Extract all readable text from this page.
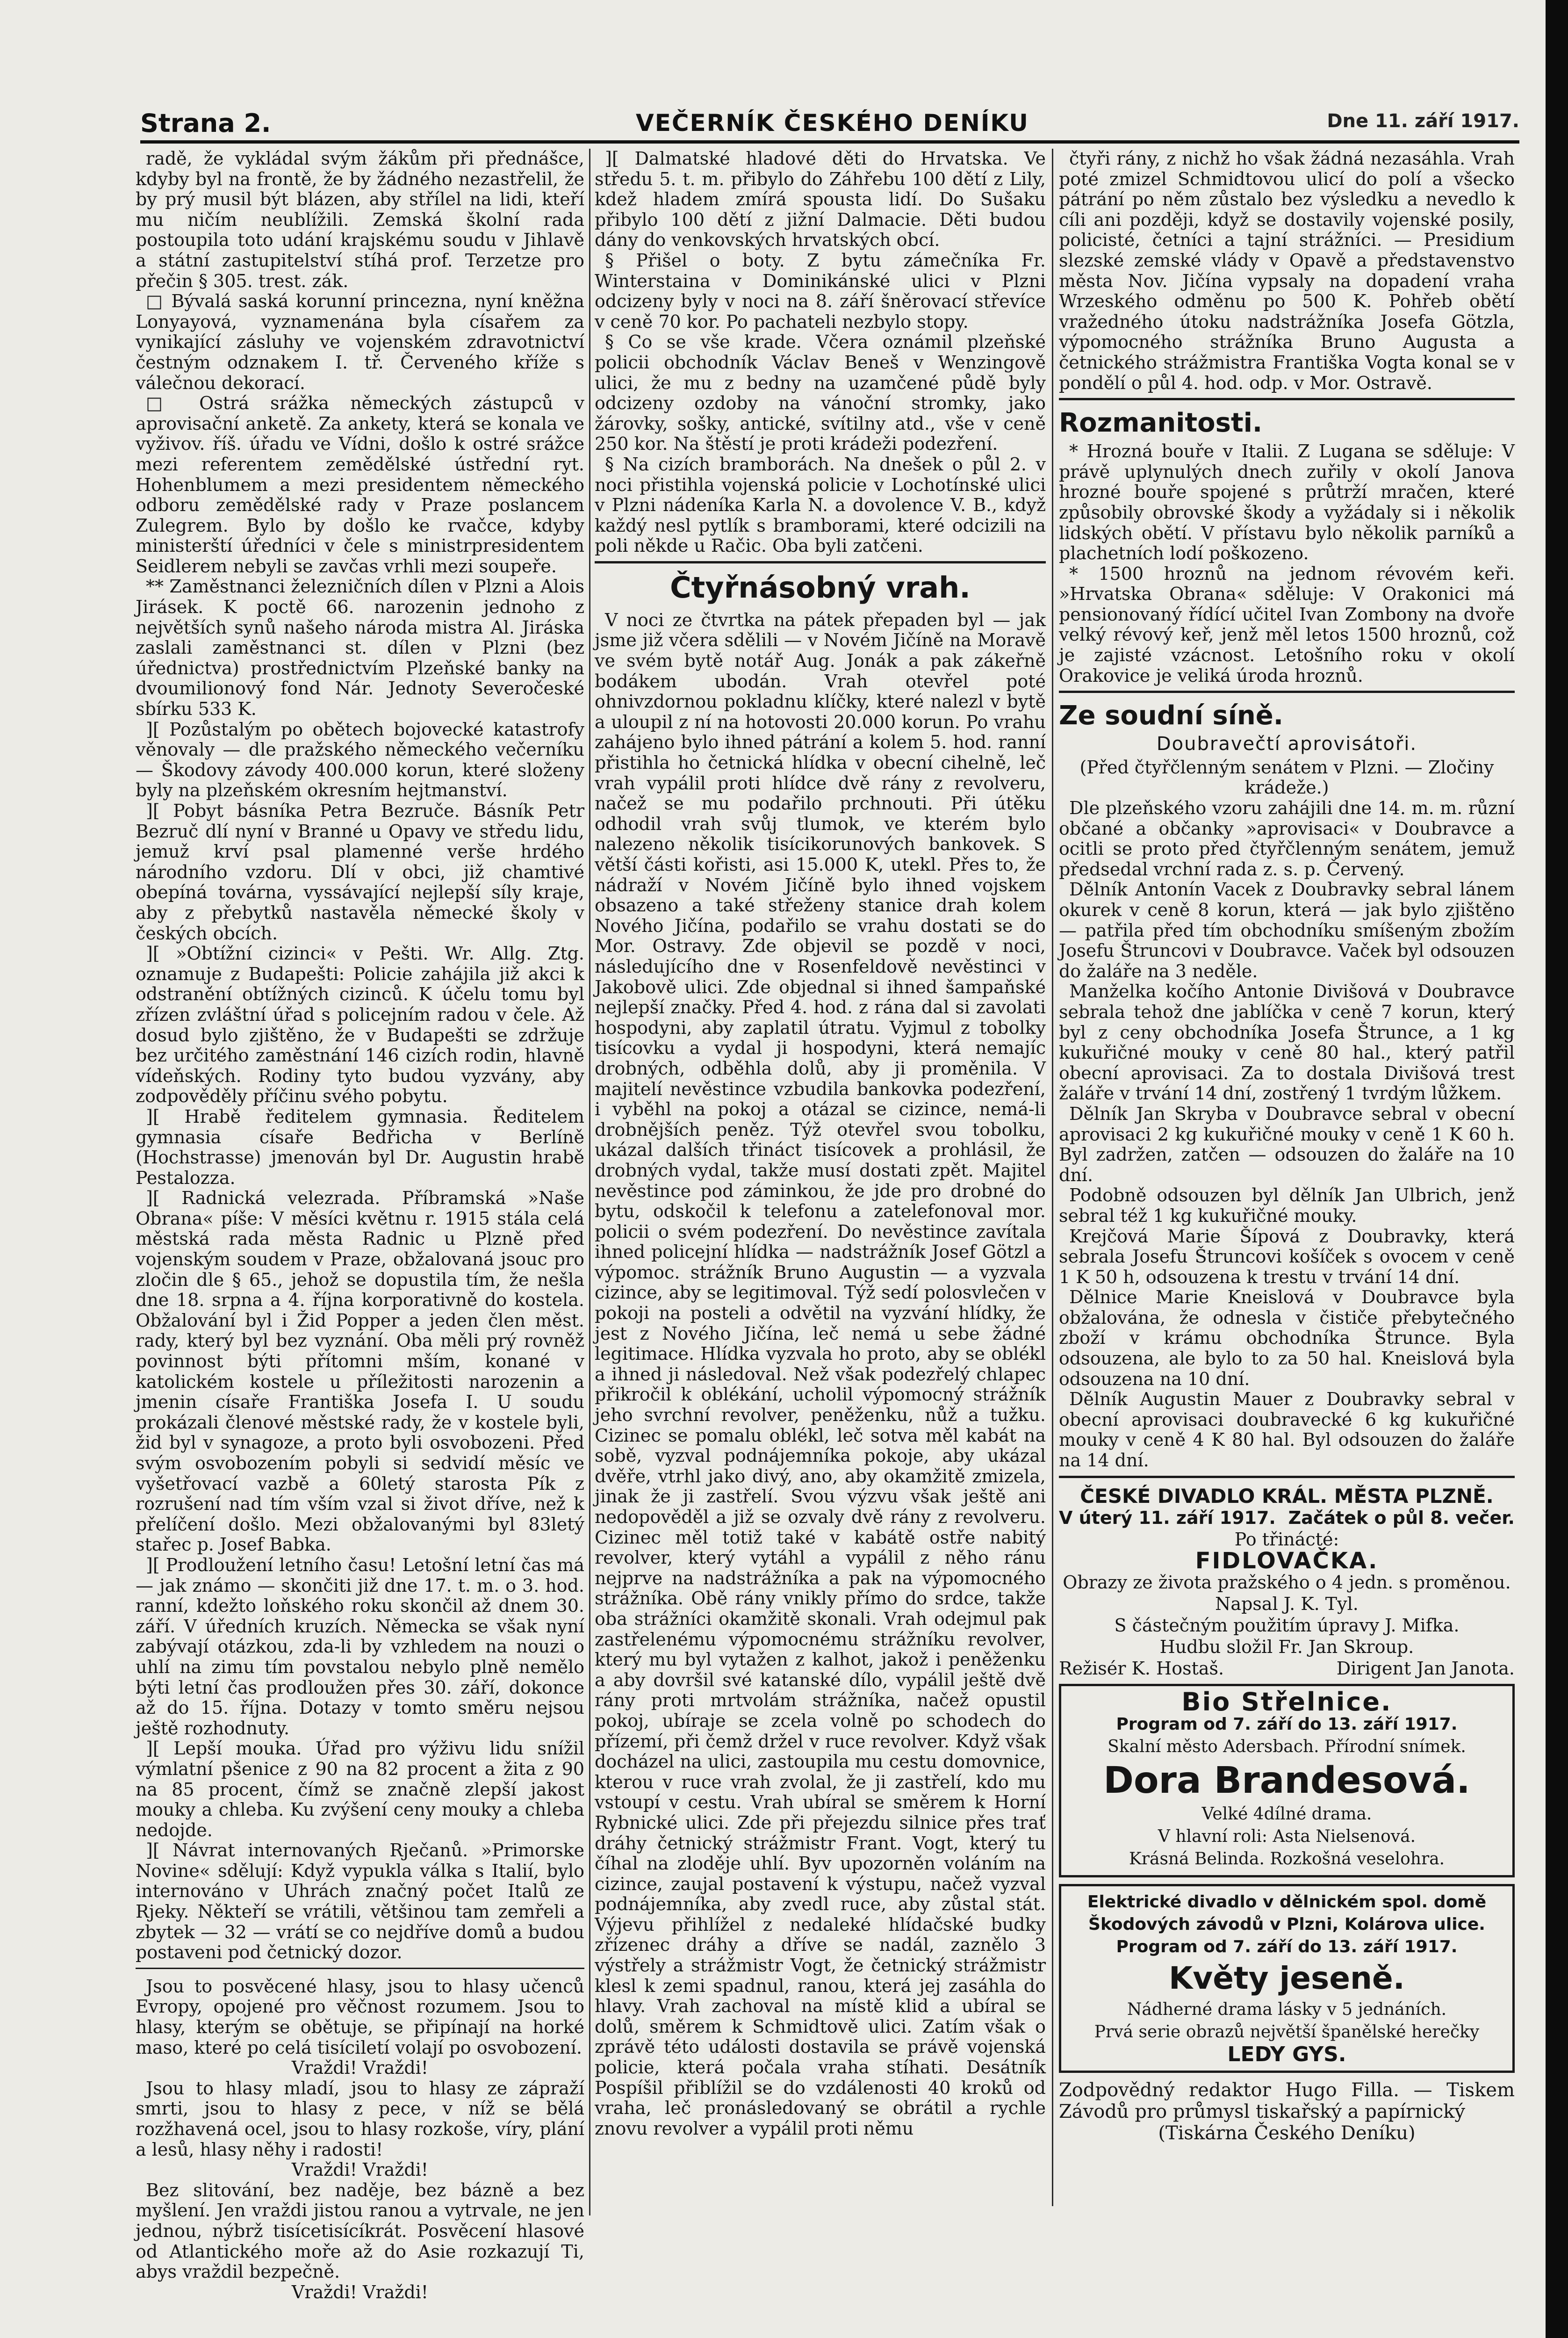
Strana 2.	VEČERNÍK ČESKÉHO DENÍKU	Dne 11. září 1917.

radě, že vykládal svým žákům při přednášce, kdyby byl na frontě, že by žádného nezastřelil, že by prý musil být blázen, aby střílel na lidi, kteří mu ničím neublížili. Zemská školní rada postoupila toto udání krajskému soudu v Jihlavě a státní zastupitelství stíhá prof. Terzetze pro přečin § 305. trest. zák.

□ Bývalá saská korunní princezna, nyní kněžna Lonyayová, vyznamenána byla císařem za vynikající zásluhy ve vojenském zdravotnictví čestným odznakem I. tř. Červeného kříže s válečnou dekorací.

□ Ostrá srážka německých zástupců v aprovisační anketě. Za ankety, která se konala ve vyživov. říš. úřadu ve Vídni, došlo k ostré srážce mezi referentem zemědělské ústřední ryt. Hohenblumem a mezi presidentem německého odboru zemědělské rady v Praze poslancem Zulegrem. Bylo by došlo ke rvačce, kdyby ministerští úředníci v čele s ministrpresidentem Seidlerem nebyli se zavčas vrhli mezi soupeře.

** Zaměstnanci železničních dílen v Plzni a Alois Jirásek. K poctě 66. narozenin jednoho z největších synů našeho národa mistra Al. Jiráska zaslali zaměstnanci st. dílen v Plzni (bez úřednictva) prostřednictvím Plzeňské banky na dvoumilionový fond Nár. Jednoty Severočeské sbírku 533 K.

][ Pozůstalým po obětech bojovecké katastrofy věnovaly — dle pražského německého večerníku — Škodovy závody 400.000 korun, které složeny byly na plzeňském okresním hejtmanství.

][ Pobyt básníka Petra Bezruče. Básník Petr Bezruč dlí nyní v Branné u Opavy ve středu lidu, jemuž krví psal plamenné verše hrdého národního vzdoru. Dlí v obci, již chamtivé obepíná továrna, vyssávající nejlepší síly kraje, aby z přebytků nastavěla německé školy v českých obcích.

][ »Obtížní cizinci« v Pešti. Wr. Allg. Ztg. oznamuje z Budapešti: Policie zahájila již akci k odstranění obtížných cizinců. K účelu tomu byl zřízen zvláštní úřad s policejním radou v čele. Až dosud bylo zjištěno, že v Budapešti se zdržuje bez určitého zaměstnání 146 cizích rodin, hlavně vídeňských. Rodiny tyto budou vyzvány, aby zodpověděly příčinu svého pobytu.

][ Hrabě ředitelem gymnasia. Ředitelem gymnasia císaře Bedřicha v Berlíně (Hochstrasse) jmenován byl Dr. Augustin hrabě Pestalozza.

][ Radnická velezrada. Příbramská »Naše Obrana« píše: V měsíci květnu r. 1915 stála celá městská rada města Radnic u Plzně před vojenským soudem v Praze, obžalovaná jsouc pro zločin dle § 65., jehož se dopustila tím, že nešla dne 18. srpna a 4. října korporativně do kostela. Obžalování byl i Žid Popper a jeden člen měst. rady, který byl bez vyznání. Oba měli prý rovněž povinnost býti přítomni mším, konané v katolickém kostele u příležitosti narozenin a jmenin císaře Františka Josefa I. U soudu prokázali členové městské rady, že v kostele byli, žid byl v synagoze, a proto byli osvobozeni. Před svým osvobozením pobyli si sedvidí měsíc ve vyšetřovací vazbě a 60letý starosta Pík z rozrušení nad tím vším vzal si život dříve, než k přelíčení došlo. Mezi obžalovanými byl 83letý stařec p. Josef Babka.

][ Prodloužení letního času! Letošní letní čas má — jak známo — skončiti již dne 17. t. m. o 3. hod. ranní, kdežto loňského roku skončil až dnem 30. září. V úředních kruzích. Německa se však nyní zabývají otázkou, zda-li by vzhledem na nouzi o uhlí na zimu tím povstalou nebylo plně nemělo býti letní čas prodloužen přes 30. září, dokonce až do 15. října. Dotazy v tomto směru nejsou ještě rozhodnuty.

][ Lepší mouka. Úřad pro výživu lidu snížil výmlatní pšenice z 90 na 82 procent a žita z 90 na 85 procent, čímž se značně zlepší jakost mouky a chleba. Ku zvýšení ceny mouky a chleba nedojde.

][ Návrat internovaných Rječanů. »Primorske Novine« sdělují: Když vypukla válka s Italií, bylo internováno v Uhrách značný počet Italů ze Rjeky. Někteří se vrátili, většinou tam zemřeli a zbytek — 32 — vrátí se co nejdříve domů a budou postaveni pod četnický dozor.

Jsou to posvěcené hlasy, jsou to hlasy učenců Evropy, opojené pro věčnost rozumem. Jsou to hlasy, kterým se obětuje, se připínají na horké maso, které po celá tisíciletí volají po osvobození.

Vraždi! Vraždi!

Jsou to hlasy mladí, jsou to hlasy ze zápraží smrti, jsou to hlasy z pece, v níž se bělá rozžhavená ocel, jsou to hlasy rozkoše, víry, plání a lesů, hlasy něhy i radosti!

Vraždi! Vraždi!

Bez slitování, bez naděje, bez bázně a bez myšlení. Jen vraždi jistou ranou a vytrvale, ne jen jednou, nýbrž tisícetisícíkrát. Posvěcení hlasové od Atlantického moře až do Asie rozkazují Ti, abys vraždil bezpečně.

Vraždi! Vraždi!

][ Dalmatské hladové děti do Hrvatska. Ve středu 5. t. m. přibylo do Záhřebu 100 dětí z Lily, kdež hladem zmírá spousta lidí. Do Sušaku přibylo 100 dětí z jižní Dalmacie. Děti budou dány do venkovských hrvatských obcí.

§ Přišel o boty. Z bytu zámečníka Fr. Winterstaina v Dominikánské ulici v Plzni odcizeny byly v noci na 8. září šněrovací střevíce v ceně 70 kor. Po pachateli nezbylo stopy.

§ Co se vše krade. Včera oznámil plzeňské policii obchodník Václav Beneš v Wenzingově ulici, že mu z bedny na uzamčené půdě byly odcizeny ozdoby na vánoční stromky, jako žárovky, sošky, antické, svítilny atd., vše v ceně 250 kor. Na štěstí je proti krádeži podezření.

§ Na cizích bramborách. Na dnešek o půl 2. v noci přistihla vojenská policie v Lochotínské ulici v Plzni nádeníka Karla N. a dovolence V. B., když každý nesl pytlík s bramborami, které odcizili na poli někde u Račic. Oba byli zatčeni.

Čtyřnásobný vrah.

V noci ze čtvrtka na pátek přepaden byl — jak jsme již včera sdělili — v Novém Jičíně na Moravě ve svém bytě notář Aug. Jonák a pak zákeřně bodákem ubodán. Vrah otevřel poté ohnivzdornou pokladnu klíčky, které nalezl v bytě a uloupil z ní na hotovosti 20.000 korun. Po vrahu zahájeno bylo ihned pátrání a kolem 5. hod. ranní přistihla ho četnická hlídka v obecní cihelně, leč vrah vypálil proti hlídce dvě rány z revolveru, načež se mu podařilo prchnouti. Při útěku odhodil vrah svůj tlumok, ve kterém bylo nalezeno několik tisícikorunových bankovek. S větší části kořisti, asi 15.000 K, utekl. Přes to, že nádraží v Novém Jičíně bylo ihned vojskem obsazeno a také střeženy stanice drah kolem Nového Jičína, podařilo se vrahu dostati se do Mor. Ostravy. Zde objevil se pozdě v noci, následujícího dne v Rosenfeldově nevěstinci v Jakobově ulici. Zde objednal si ihned šampaňské nejlepší značky. Před 4. hod. z rána dal si zavolati hospodyni, aby zaplatil útratu. Vyjmul z tobolky tisícovku a vydal ji hospodyni, která nemajíc drobných, odběhla dolů, aby ji proměnila. V majitelí nevěstince vzbudila bankovka podezření, i vyběhl na pokoj a otázal se cizince, nemá-li drobnějších peněz. Týž otevřel svou tobolku, ukázal dalších třináct tisícovek a prohlásil, že drobných vydal, takže musí dostati zpět. Majitel nevěstince pod záminkou, že jde pro drobné do bytu, odskočil k telefonu a zatelefonoval mor. policii o svém podezření. Do nevěstince zavítala ihned policejní hlídka — nadstrážník Josef Götzl a výpomoc. strážník Bruno Augustin — a vyzvala cizince, aby se legitimoval. Týž sedí polosvlečen v pokoji na posteli a odvětil na vyzvání hlídky, že jest z Nového Jičína, leč nemá u sebe žádné legitimace. Hlídka vyzvala ho proto, aby se oblékl a ihned ji následoval. Než však podezřelý chlapec přikročil k oblékání, ucholil výpomocný strážník jeho svrchní revolver, peněženku, nůž a tužku. Cizinec se pomalu oblékl, leč sotva měl kabát na sobě, vyzval podnájemníka pokoje, aby ukázal dvěře, vtrhl jako divý, ano, aby okamžitě zmizela, jinak že ji zastřelí. Svou výzvu však ještě ani nedopověděl a již se ozvaly dvě rány z revolveru. Cizinec měl totiž také v kabátě ostře nabitý revolver, který vytáhl a vypálil z něho ránu nejprve na nadstrážníka a pak na výpomocného strážníka. Obě rány vnikly přímo do srdce, takže oba strážníci okamžitě skonali. Vrah odejmul pak zastřelenému výpomocnému strážníku revolver, který mu byl vytažen z kalhot, jakož i peněženku a aby dovršil své katanské dílo, vypálil ještě dvě rány proti mrtvolám strážníka, načež opustil pokoj, ubíraje se zcela volně po schodech do přízemí, při čemž držel v ruce revolver. Když však docházel na ulici, zastoupila mu cestu domovnice, kterou v ruce vrah zvolal, že ji zastřelí, kdo mu vstoupí v cestu. Vrah ubíral se směrem k Horní Rybnické ulici. Zde při přejezdu silnice přes trať dráhy četnický strážmistr Frant. Vogt, který tu číhal na zloděje uhlí. Byv upozorněn voláním na cizince, zaujal postavení k výstupu, načež vyzval podnájemníka, aby zvedl ruce, aby zůstal stát. Výjevu přihlížel z nedaleké hlídačské budky zřízenec dráhy a dříve se nadál, zaznělo 3 výstřely a strážmistr Vogt, že četnický strážmistr klesl k zemi spadnul, ranou, která jej zasáhla do hlavy. Vrah zachoval na místě klid a ubíral se dolů, směrem k Schmidtově ulici. Zatím však o zprávě této události dostavila se právě vojenská policie, která počala vraha stíhati. Desátník Pospíšil přiblížil se do vzdálenosti 40 kroků od vraha, leč pronásledovaný se obrátil a rychle znovu revolver a vypálil proti němu

čtyři rány, z nichž ho však žádná nezasáhla. Vrah poté zmizel Schmidtovou ulicí do polí a všecko pátrání po něm zůstalo bez výsledku a nevedlo k cíli ani později, když se dostavily vojenské posily, policisté, četníci a tajní strážníci. — Presidium slezské zemské vlády v Opavě a představenstvo města Nov. Jičína vypsaly na dopadení vraha Wrzeského odměnu po 500 K. Pohřeb obětí vražedného útoku nadstrážníka Josefa Götzla, výpomocného strážníka Bruno Augusta a četnického strážmistra Františka Vogta konal se v pondělí o půl 4. hod. odp. v Mor. Ostravě.

Rozmanitosti.

* Hrozná bouře v Italii. Z Lugana se sděluje: V právě uplynulých dnech zuřily v okolí Janova hrozné bouře spojené s průtrží mračen, které způsobily obrovské škody a vyžádaly si i několik lidských obětí. V přístavu bylo několik parníků a plachetních lodí poškozeno.

* 1500 hroznů na jednom révovém keři. »Hrvatska Obrana« sděluje: V Orakonici má pensionovaný řídící učitel Ivan Zombony na dvoře velký révový keř, jenž měl letos 1500 hroznů, což je zajisté vzácnost. Letošního roku v okolí Orakovice je veliká úroda hroznů.

Ze soudní síně.
Doubravečtí aprovisátoři.

(Před čtyřčlenným senátem v Plzni. — Zločiny krádeže.)

Dle plzeňského vzoru zahájili dne 14. m. m. různí občané a občanky »aprovisaci« v Doubravce a ocitli se proto před čtyřčlenným senátem, jemuž předsedal vrchní rada z. s. p. Červený.

Dělník Antonín Vacek z Doubravky sebral lánem okurek v ceně 8 korun, která — jak bylo zjištěno — patřila před tím obchodníku smíšeným zbožím Josefu Štruncovi v Doubravce. Vaček byl odsouzen do žaláře na 3 neděle.

Manželka kočího Antonie Divišová v Doubravce sebrala tehož dne jablíčka v ceně 7 korun, který byl z ceny obchodníka Josefa Štrunce, a 1 kg kukuřičné mouky v ceně 80 hal., který patřil obecní aprovisaci. Za to dostala Divišová trest žaláře v trvání 14 dní, zostřený 1 tvrdým lůžkem.

Dělník Jan Skryba v Doubravce sebral v obecní aprovisaci 2 kg kukuřičné mouky v ceně 1 K 60 h. Byl zadržen, zatčen — odsouzen do žaláře na 10 dní.

Podobně odsouzen byl dělník Jan Ulbrich, jenž sebral též 1 kg kukuřičné mouky.

Krejčová Marie Šípová z Doubravky, která sebrala Josefu Štruncovi košíček s ovocem v ceně 1 K 50 h, odsouzena k trestu v trvání 14 dní.

Dělnice Marie Kneislová v Doubravce byla obžalována, že odnesla v čističe přebytečného zboží v krámu obchodníka Štrunce. Byla odsouzena, ale bylo to za 50 hal. Kneislová byla odsouzena na 10 dní.

Dělník Augustin Mauer z Doubravky sebral v obecní aprovisaci doubravecké 6 kg kukuřičné mouky v ceně 4 K 80 hal. Byl odsouzen do žaláře na 14 dní.

ČESKÉ DIVADLO KRÁL. MĚSTA PLZNĚ.
V úterý 11. září 1917. Začátek o půl 8. večer.
Po třinácté:
FIDLOVAČKA.
Obrazy ze života pražského o 4 jedn. s proměnou.
Napsal J. K. Tyl.
S částečným použitím úpravy J. Mifka.
Hudbu složil Fr. Jan Skroup.
Režisér K. Hostaš.	Dirigent Jan Janota.
Bio Střelnice.
Program od 7. září do 13. září 1917.
Skalní město Adersbach. Přírodní snímek.
Dora Brandesová.
Velké 4dílné drama.
V hlavní roli: Asta Nielsenová.
Krásná Belinda. Rozkošná veselohra.
Elektrické divadlo v dělnickém spol. domě
Škodových závodů v Plzni, Kolárova ulice.
Program od 7. září do 13. září 1917.
Květy jeseně.
Nádherné drama lásky v 5 jednáních.
Prvá serie obrazů největší španělské herečky
LEDY GYS.
Zodpovědný redaktor Hugo Filla. — Tiskem Závodů pro průmysl tiskařský a papírnický
(Tiskárna Českého Deníku)
